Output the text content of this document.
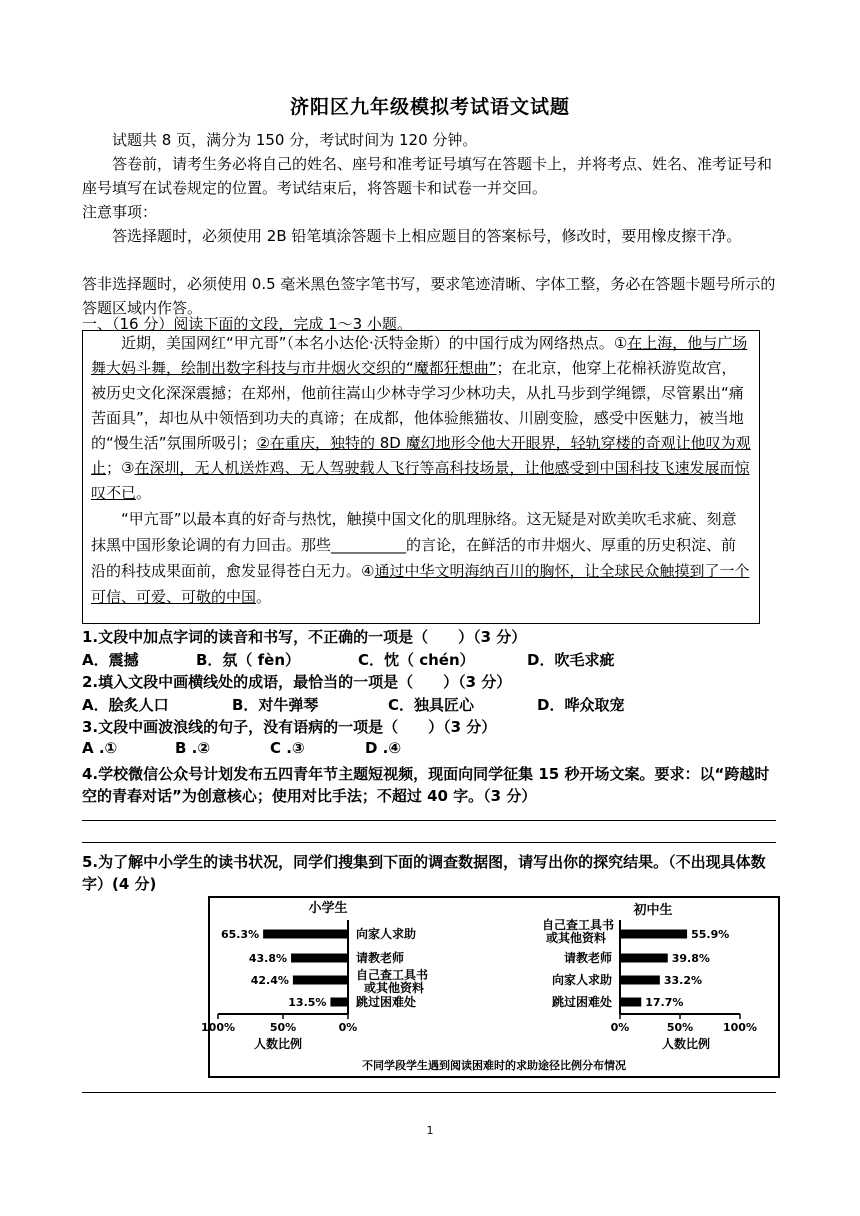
济阳区九年级模拟考试语文试题
试题共 8 页，满分为 150 分，考试时间为 120 分钟。
答卷前，请考生务必将自己的姓名、座号和准考证号填写在答题卡上，并将考点、姓名、准考证号和座号填写在试卷规定的位置。考试结束后，将答题卡和试卷一并交回。
注意事项：
答选择题时，必须使用 2B 铅笔填涂答题卡上相应题目的答案标号，修改时，要用橡皮擦干净。
答非选择题时，必须使用 0.5 毫米黑色签字笔书写，要求笔迹清晰、字体工整，务必在答题卡题号所示的答题区域内作答。
一、（16 分）阅读下面的文段，完成 1～3 小题。

近期，美国网红“甲亢哥”（本名小达伦·沃特金斯）的中国行成为网络热点。①在上海，他与广场舞大妈斗舞，绘制出数字科技与市井烟火交织的“魔都狂想曲”；在北京，他穿上花棉袄游览故宫，被历史文化深深震撼；在郑州，他前往嵩山少林寺学习少林功夫，从扎马步到学绳镖，尽管累出“痛苦面具”，却也从中领悟到功夫的真谛；在成都，他体验熊猫妆、川剧变脸，感受中医魅力，被当地的“慢生活”氛围所吸引；②在重庆，独特的 8D 魔幻地形令他大开眼界，轻轨穿楼的奇观让他叹为观止；③在深圳，无人机送炸鸡、无人驾驶载人飞行等高科技场景，让他感受到中国科技飞速发展而惊叹不已。

“甲亢哥”以最本真的好奇与热忱，触摸中国文化的肌理脉络。这无疑是对欧美吹毛求疵、刻意抹黑中国形象论调的有力回击。那些__________的言论，在鲜活的市井烟火、厚重的历史积淀、前沿的科技成果面前，愈发显得苍白无力。④通过中华文明海纳百川的胸怀，让全球民众触摸到了一个可信、可爱、可敬的中国。

1.文段中加点字词的读音和书写，不正确的一项是（　　）（3 分）
A．震撼	B．氛（ fèn）	C．忱（ chén）	D．吹毛求疵
2.填入文段中画横线处的成语，最恰当的一项是（　　）（3 分）
A．脍炙人口	B．对牛弹琴	C．独具匠心	D．哗众取宠
3.文段中画波浪线的句子，没有语病的一项是（　　）（3 分）
A .①	B .②	C .③	D .④
4.学校微信公众号计划发布五四青年节主题短视频，现面向同学征集 15 秒开场文案。要求：以“跨越时空的青春对话”为创意核心；使用对比手法；不超过 40 字。（3 分）
5.为了解中小学生的读书状况，同学们搜集到下面的调查数据图，请写出你的探究结果。（不出现具体数字）(4 分)
小学生
65.3%	向家人求助
43.8%	请教老师
42.4%	自己查工具书
或其他资料
13.5% 跳过困难处
100%	50%	0%
人数比例
初中生
55.9%
自己查工具书
或其他资料
39.8%
请教老师
33.2%
向家人求助
17.7%
跳过困难处
0%	50%	100%
人数比例
不同学段学生遇到阅读困难时的求助途径比例分布情况
1
